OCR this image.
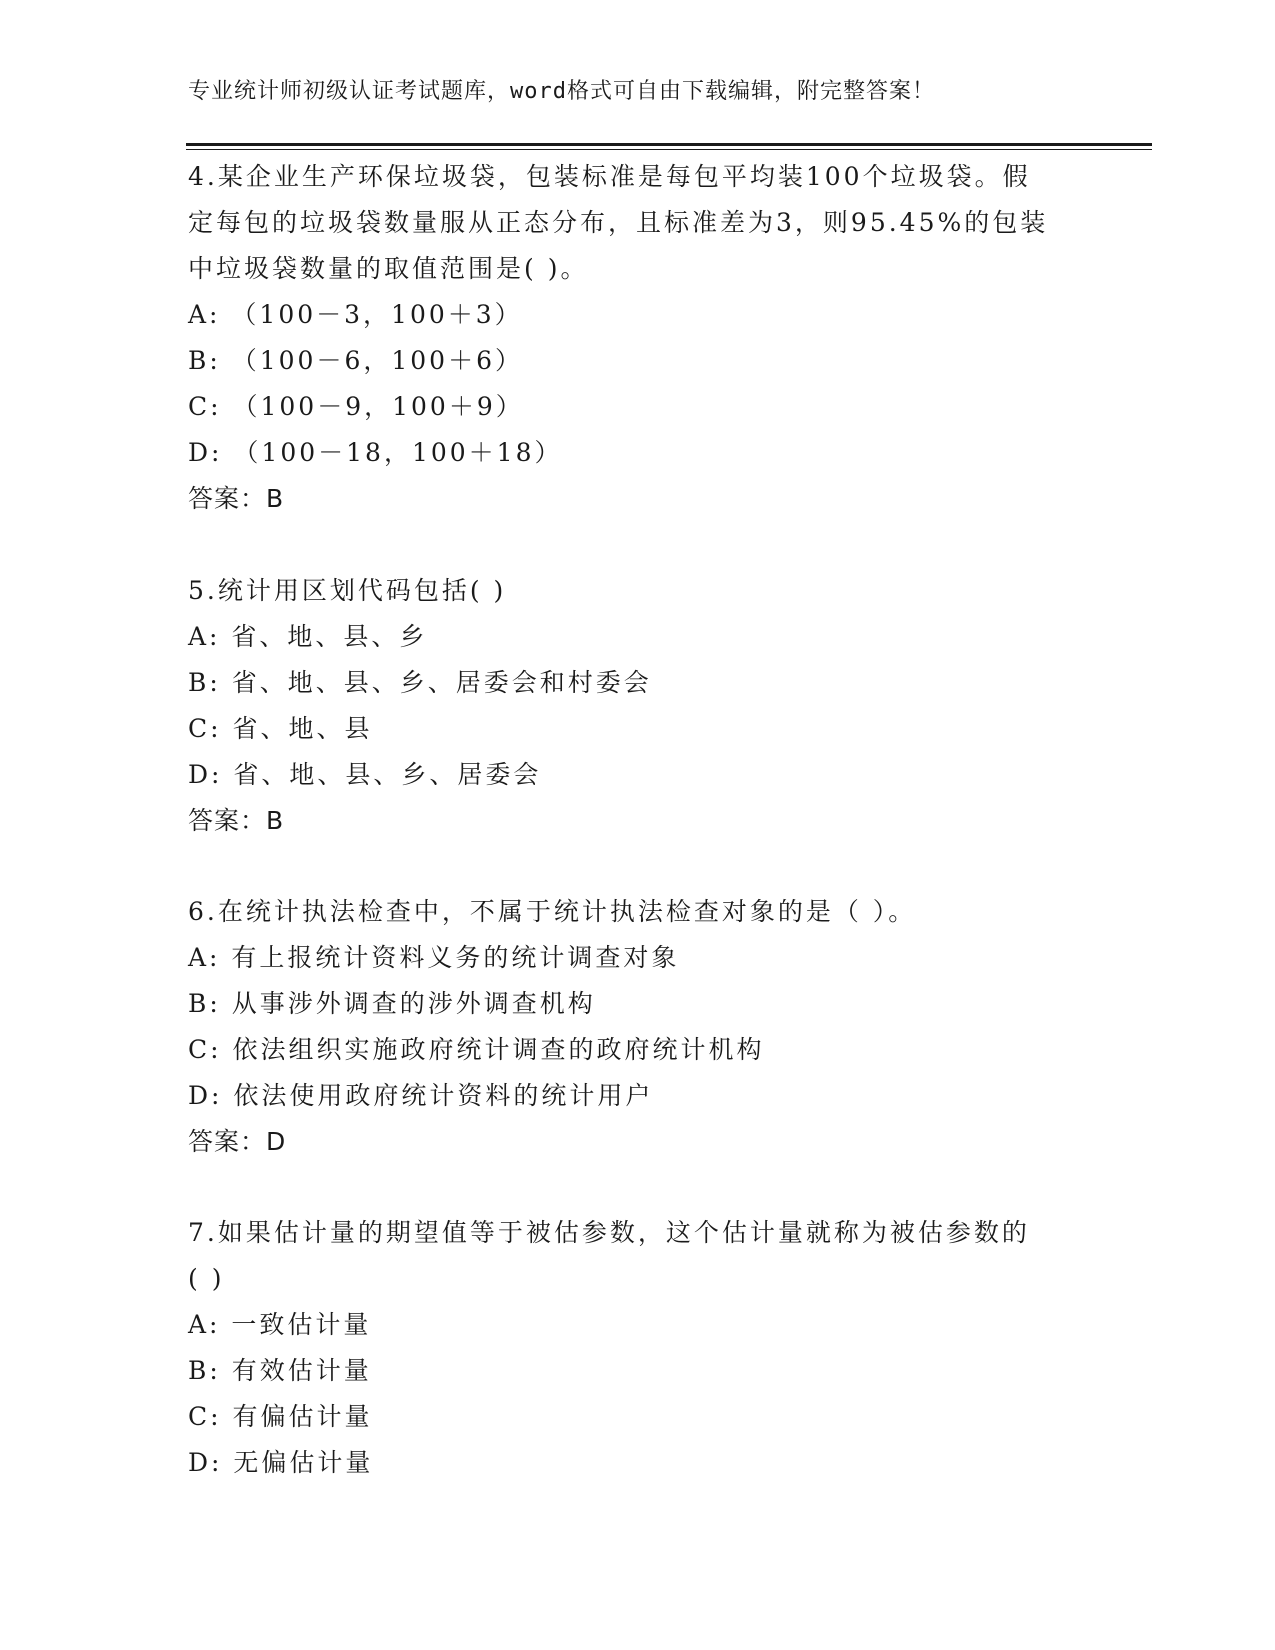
专业统计师初级认证考试题库，word格式可自由下载编辑，附完整答案！
4.某企业生产环保垃圾袋，包装标准是每包平均装100个垃圾袋。假
定每包的垃圾袋数量服从正态分布，且标准差为3，则95.45%的包装
中垃圾袋数量的取值范围是( )。
A: （100－3，100＋3）
B: （100－6，100＋6）
C: （100－9，100＋9）
D: （100－18，100＋18）
答案：B
5.统计用区划代码包括( )
A: 省、地、县、乡
B: 省、地、县、乡、居委会和村委会
C: 省、地、县
D: 省、地、县、乡、居委会
答案：B
6.在统计执法检查中，不属于统计执法检查对象的是（ ）。
A: 有上报统计资料义务的统计调查对象
B: 从事涉外调查的涉外调查机构
C: 依法组织实施政府统计调查的政府统计机构
D: 依法使用政府统计资料的统计用户
答案：D
7.如果估计量的期望值等于被估参数，这个估计量就称为被估参数的
( )
A: 一致估计量
B: 有效估计量
C: 有偏估计量
D: 无偏估计量
